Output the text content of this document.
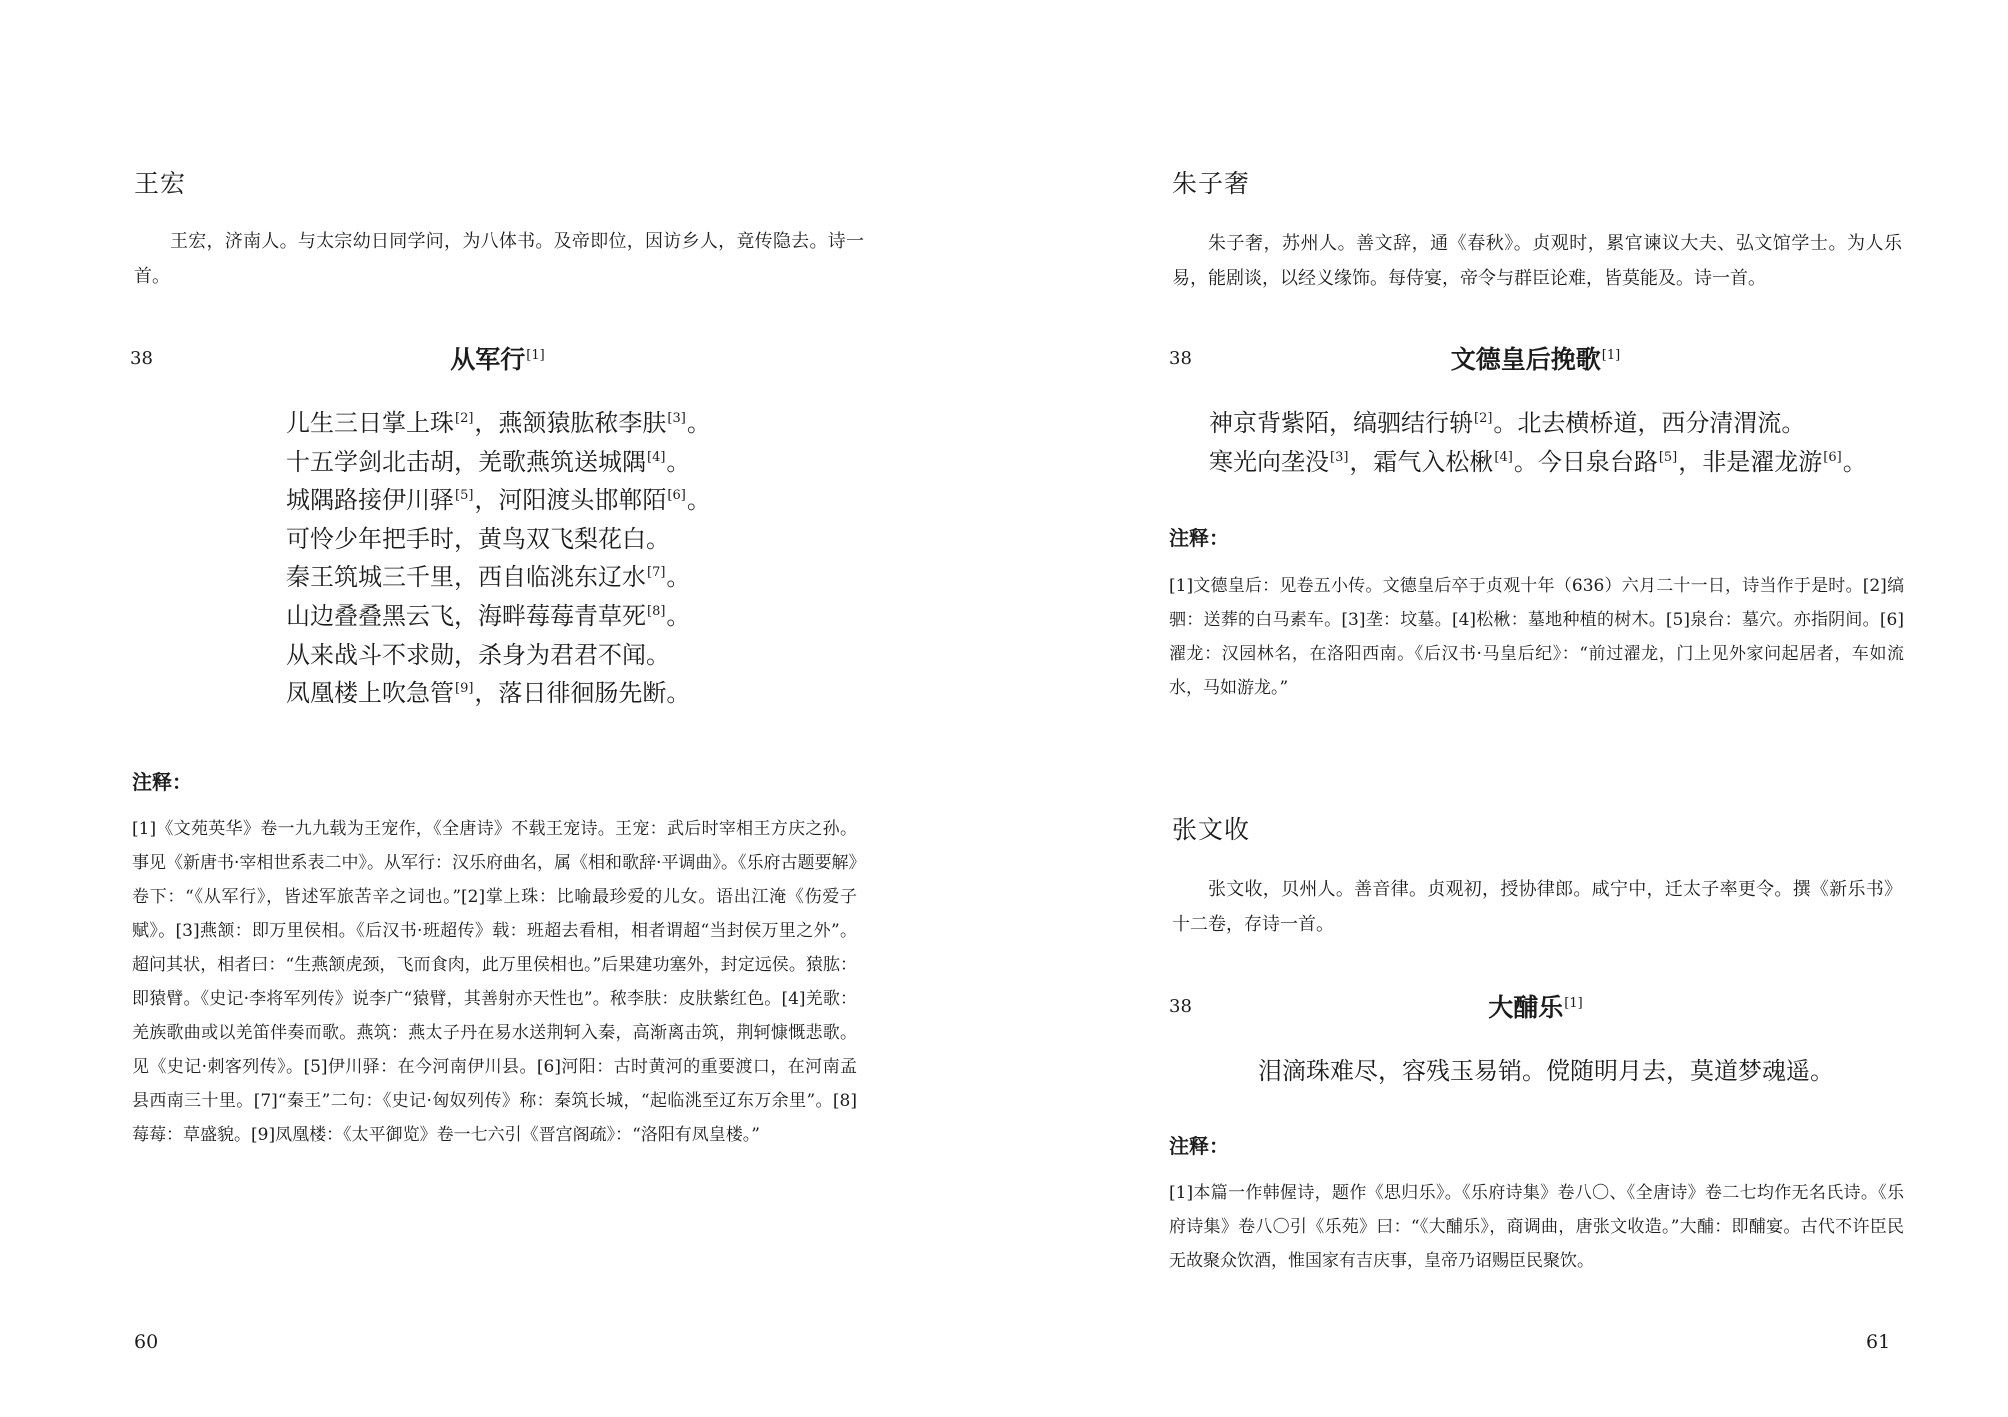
王宏

王宏，济南人。与太宗幼日同学问，为八体书。及帝即位，因访乡人，竟传隐去。诗一首。

38	从军行[1]
儿生三日掌上珠[2]，燕颔猿肱秾李肤[3]。
十五学剑北击胡，羌歌燕筑送城隅[4]。
城隅路接伊川驿[5]，河阳渡头邯郸陌[6]。
可怜少年把手时，黄鸟双飞梨花白。
秦王筑城三千里，西自临洮东辽水[7]。
山边叠叠黑云飞，海畔莓莓青草死[8]。
从来战斗不求勋，杀身为君君不闻。
凤凰楼上吹急管[9]，落日徘徊肠先断。
注释：

[1]《文苑英华》卷一九九载为王宠作，《全唐诗》不载王宠诗。王宠：武后时宰相王方庆之孙。事见《新唐书·宰相世系表二中》。从军行：汉乐府曲名，属《相和歌辞·平调曲》。《乐府古题要解》卷下：“《从军行》，皆述军旅苦辛之词也。”[2]掌上珠：比喻最珍爱的儿女。语出江淹《伤爱子赋》。[3]燕颔：即万里侯相。《后汉书·班超传》载：班超去看相，相者谓超“当封侯万里之外”。超问其状，相者曰：“生燕颔虎颈，飞而食肉，此万里侯相也。”后果建功塞外，封定远侯。猿肱：即猿臂。《史记·李将军列传》说李广“猿臂，其善射亦天性也”。秾李肤：皮肤紫红色。[4]羌歌：羌族歌曲或以羌笛伴奏而歌。燕筑：燕太子丹在易水送荆轲入秦，高渐离击筑，荆轲慷慨悲歌。见《史记·刺客列传》。[5]伊川驿：在今河南伊川县。[6]河阳：古时黄河的重要渡口，在河南孟县西南三十里。[7]“秦王”二句：《史记·匈奴列传》称：秦筑长城，“起临洮至辽东万余里”。[8]莓莓：草盛貌。[9]凤凰楼：《太平御览》卷一七六引《晋宫阁疏》：“洛阳有凤皇楼。”

60
朱子奢

朱子奢，苏州人。善文辞，通《春秋》。贞观时，累官谏议大夫、弘文馆学士。为人乐易，能剧谈，以经义缘饰。每侍宴，帝令与群臣论难，皆莫能及。诗一首。

38	文德皇后挽歌[1]
神京背紫陌，缟驷结行辀[2]。北去横桥道，西分清渭流。
寒光向垄没[3]，霜气入松楸[4]。今日泉台路[5]，非是濯龙游[6]。
注释：

[1]文德皇后：见卷五小传。文德皇后卒于贞观十年（636）六月二十一日，诗当作于是时。[2]缟驷：送葬的白马素车。[3]垄：坟墓。[4]松楸：墓地种植的树木。[5]泉台：墓穴。亦指阴间。[6]濯龙：汉园林名，在洛阳西南。《后汉书·马皇后纪》：“前过濯龙，门上见外家问起居者，车如流水，马如游龙。”

张文收

张文收，贝州人。善音律。贞观初，授协律郎。咸宁中，迁太子率更令。撰《新乐书》十二卷，存诗一首。

38	大酺乐[1]
泪滴珠难尽，容残玉易销。傥随明月去，莫道梦魂遥。
注释：

[1]本篇一作韩偓诗，题作《思归乐》。《乐府诗集》卷八〇、《全唐诗》卷二七均作无名氏诗。《乐府诗集》卷八〇引《乐苑》曰：“《大酺乐》，商调曲，唐张文收造。”大酺：即酺宴。古代不许臣民无故聚众饮酒，惟国家有吉庆事，皇帝乃诏赐臣民聚饮。

61
